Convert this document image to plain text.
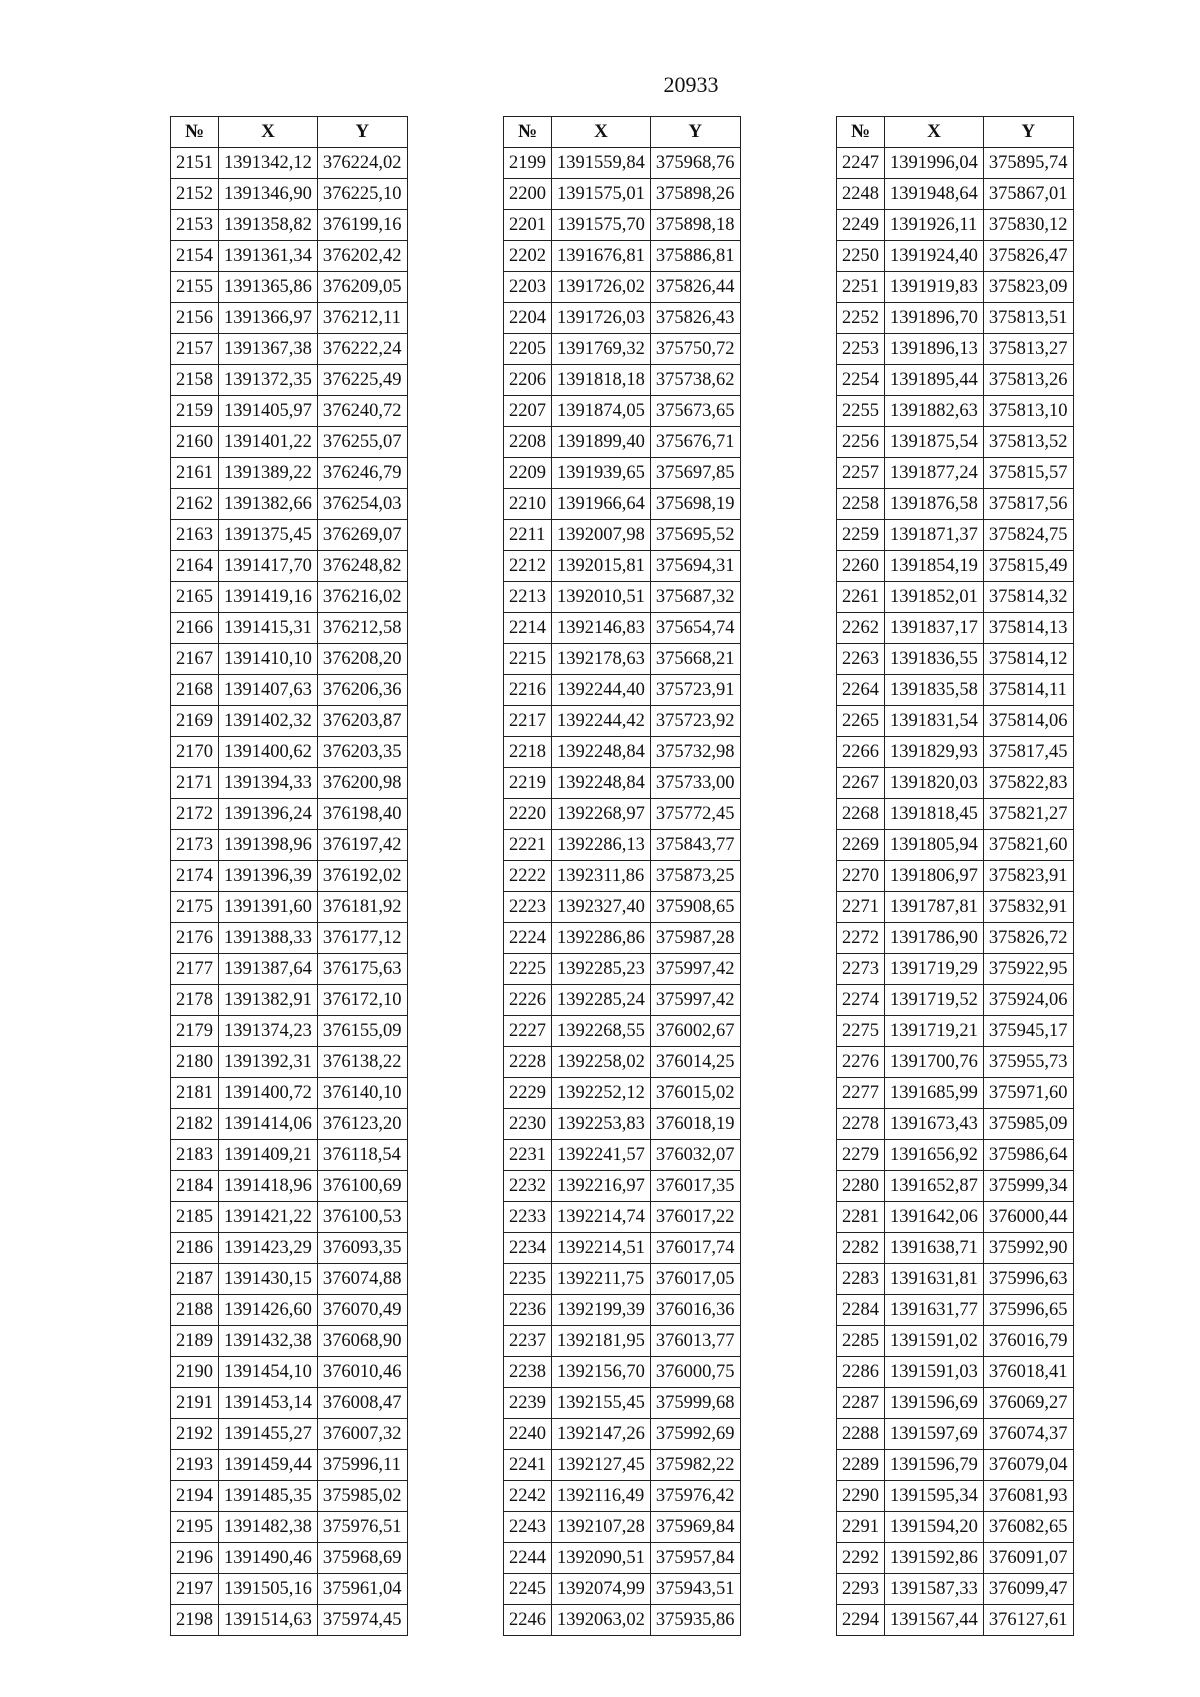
20933
№	X	Y
2151	1391342,12	376224,02
2152	1391346,90	376225,10
2153	1391358,82	376199,16
2154	1391361,34	376202,42
2155	1391365,86	376209,05
2156	1391366,97	376212,11
2157	1391367,38	376222,24
2158	1391372,35	376225,49
2159	1391405,97	376240,72
2160	1391401,22	376255,07
2161	1391389,22	376246,79
2162	1391382,66	376254,03
2163	1391375,45	376269,07
2164	1391417,70	376248,82
2165	1391419,16	376216,02
2166	1391415,31	376212,58
2167	1391410,10	376208,20
2168	1391407,63	376206,36
2169	1391402,32	376203,87
2170	1391400,62	376203,35
2171	1391394,33	376200,98
2172	1391396,24	376198,40
2173	1391398,96	376197,42
2174	1391396,39	376192,02
2175	1391391,60	376181,92
2176	1391388,33	376177,12
2177	1391387,64	376175,63
2178	1391382,91	376172,10
2179	1391374,23	376155,09
2180	1391392,31	376138,22
2181	1391400,72	376140,10
2182	1391414,06	376123,20
2183	1391409,21	376118,54
2184	1391418,96	376100,69
2185	1391421,22	376100,53
2186	1391423,29	376093,35
2187	1391430,15	376074,88
2188	1391426,60	376070,49
2189	1391432,38	376068,90
2190	1391454,10	376010,46
2191	1391453,14	376008,47
2192	1391455,27	376007,32
2193	1391459,44	375996,11
2194	1391485,35	375985,02
2195	1391482,38	375976,51
2196	1391490,46	375968,69
2197	1391505,16	375961,04
2198	1391514,63	375974,45
№	X	Y
2199	1391559,84	375968,76
2200	1391575,01	375898,26
2201	1391575,70	375898,18
2202	1391676,81	375886,81
2203	1391726,02	375826,44
2204	1391726,03	375826,43
2205	1391769,32	375750,72
2206	1391818,18	375738,62
2207	1391874,05	375673,65
2208	1391899,40	375676,71
2209	1391939,65	375697,85
2210	1391966,64	375698,19
2211	1392007,98	375695,52
2212	1392015,81	375694,31
2213	1392010,51	375687,32
2214	1392146,83	375654,74
2215	1392178,63	375668,21
2216	1392244,40	375723,91
2217	1392244,42	375723,92
2218	1392248,84	375732,98
2219	1392248,84	375733,00
2220	1392268,97	375772,45
2221	1392286,13	375843,77
2222	1392311,86	375873,25
2223	1392327,40	375908,65
2224	1392286,86	375987,28
2225	1392285,23	375997,42
2226	1392285,24	375997,42
2227	1392268,55	376002,67
2228	1392258,02	376014,25
2229	1392252,12	376015,02
2230	1392253,83	376018,19
2231	1392241,57	376032,07
2232	1392216,97	376017,35
2233	1392214,74	376017,22
2234	1392214,51	376017,74
2235	1392211,75	376017,05
2236	1392199,39	376016,36
2237	1392181,95	376013,77
2238	1392156,70	376000,75
2239	1392155,45	375999,68
2240	1392147,26	375992,69
2241	1392127,45	375982,22
2242	1392116,49	375976,42
2243	1392107,28	375969,84
2244	1392090,51	375957,84
2245	1392074,99	375943,51
2246	1392063,02	375935,86
№	X	Y
2247	1391996,04	375895,74
2248	1391948,64	375867,01
2249	1391926,11	375830,12
2250	1391924,40	375826,47
2251	1391919,83	375823,09
2252	1391896,70	375813,51
2253	1391896,13	375813,27
2254	1391895,44	375813,26
2255	1391882,63	375813,10
2256	1391875,54	375813,52
2257	1391877,24	375815,57
2258	1391876,58	375817,56
2259	1391871,37	375824,75
2260	1391854,19	375815,49
2261	1391852,01	375814,32
2262	1391837,17	375814,13
2263	1391836,55	375814,12
2264	1391835,58	375814,11
2265	1391831,54	375814,06
2266	1391829,93	375817,45
2267	1391820,03	375822,83
2268	1391818,45	375821,27
2269	1391805,94	375821,60
2270	1391806,97	375823,91
2271	1391787,81	375832,91
2272	1391786,90	375826,72
2273	1391719,29	375922,95
2274	1391719,52	375924,06
2275	1391719,21	375945,17
2276	1391700,76	375955,73
2277	1391685,99	375971,60
2278	1391673,43	375985,09
2279	1391656,92	375986,64
2280	1391652,87	375999,34
2281	1391642,06	376000,44
2282	1391638,71	375992,90
2283	1391631,81	375996,63
2284	1391631,77	375996,65
2285	1391591,02	376016,79
2286	1391591,03	376018,41
2287	1391596,69	376069,27
2288	1391597,69	376074,37
2289	1391596,79	376079,04
2290	1391595,34	376081,93
2291	1391594,20	376082,65
2292	1391592,86	376091,07
2293	1391587,33	376099,47
2294	1391567,44	376127,61
